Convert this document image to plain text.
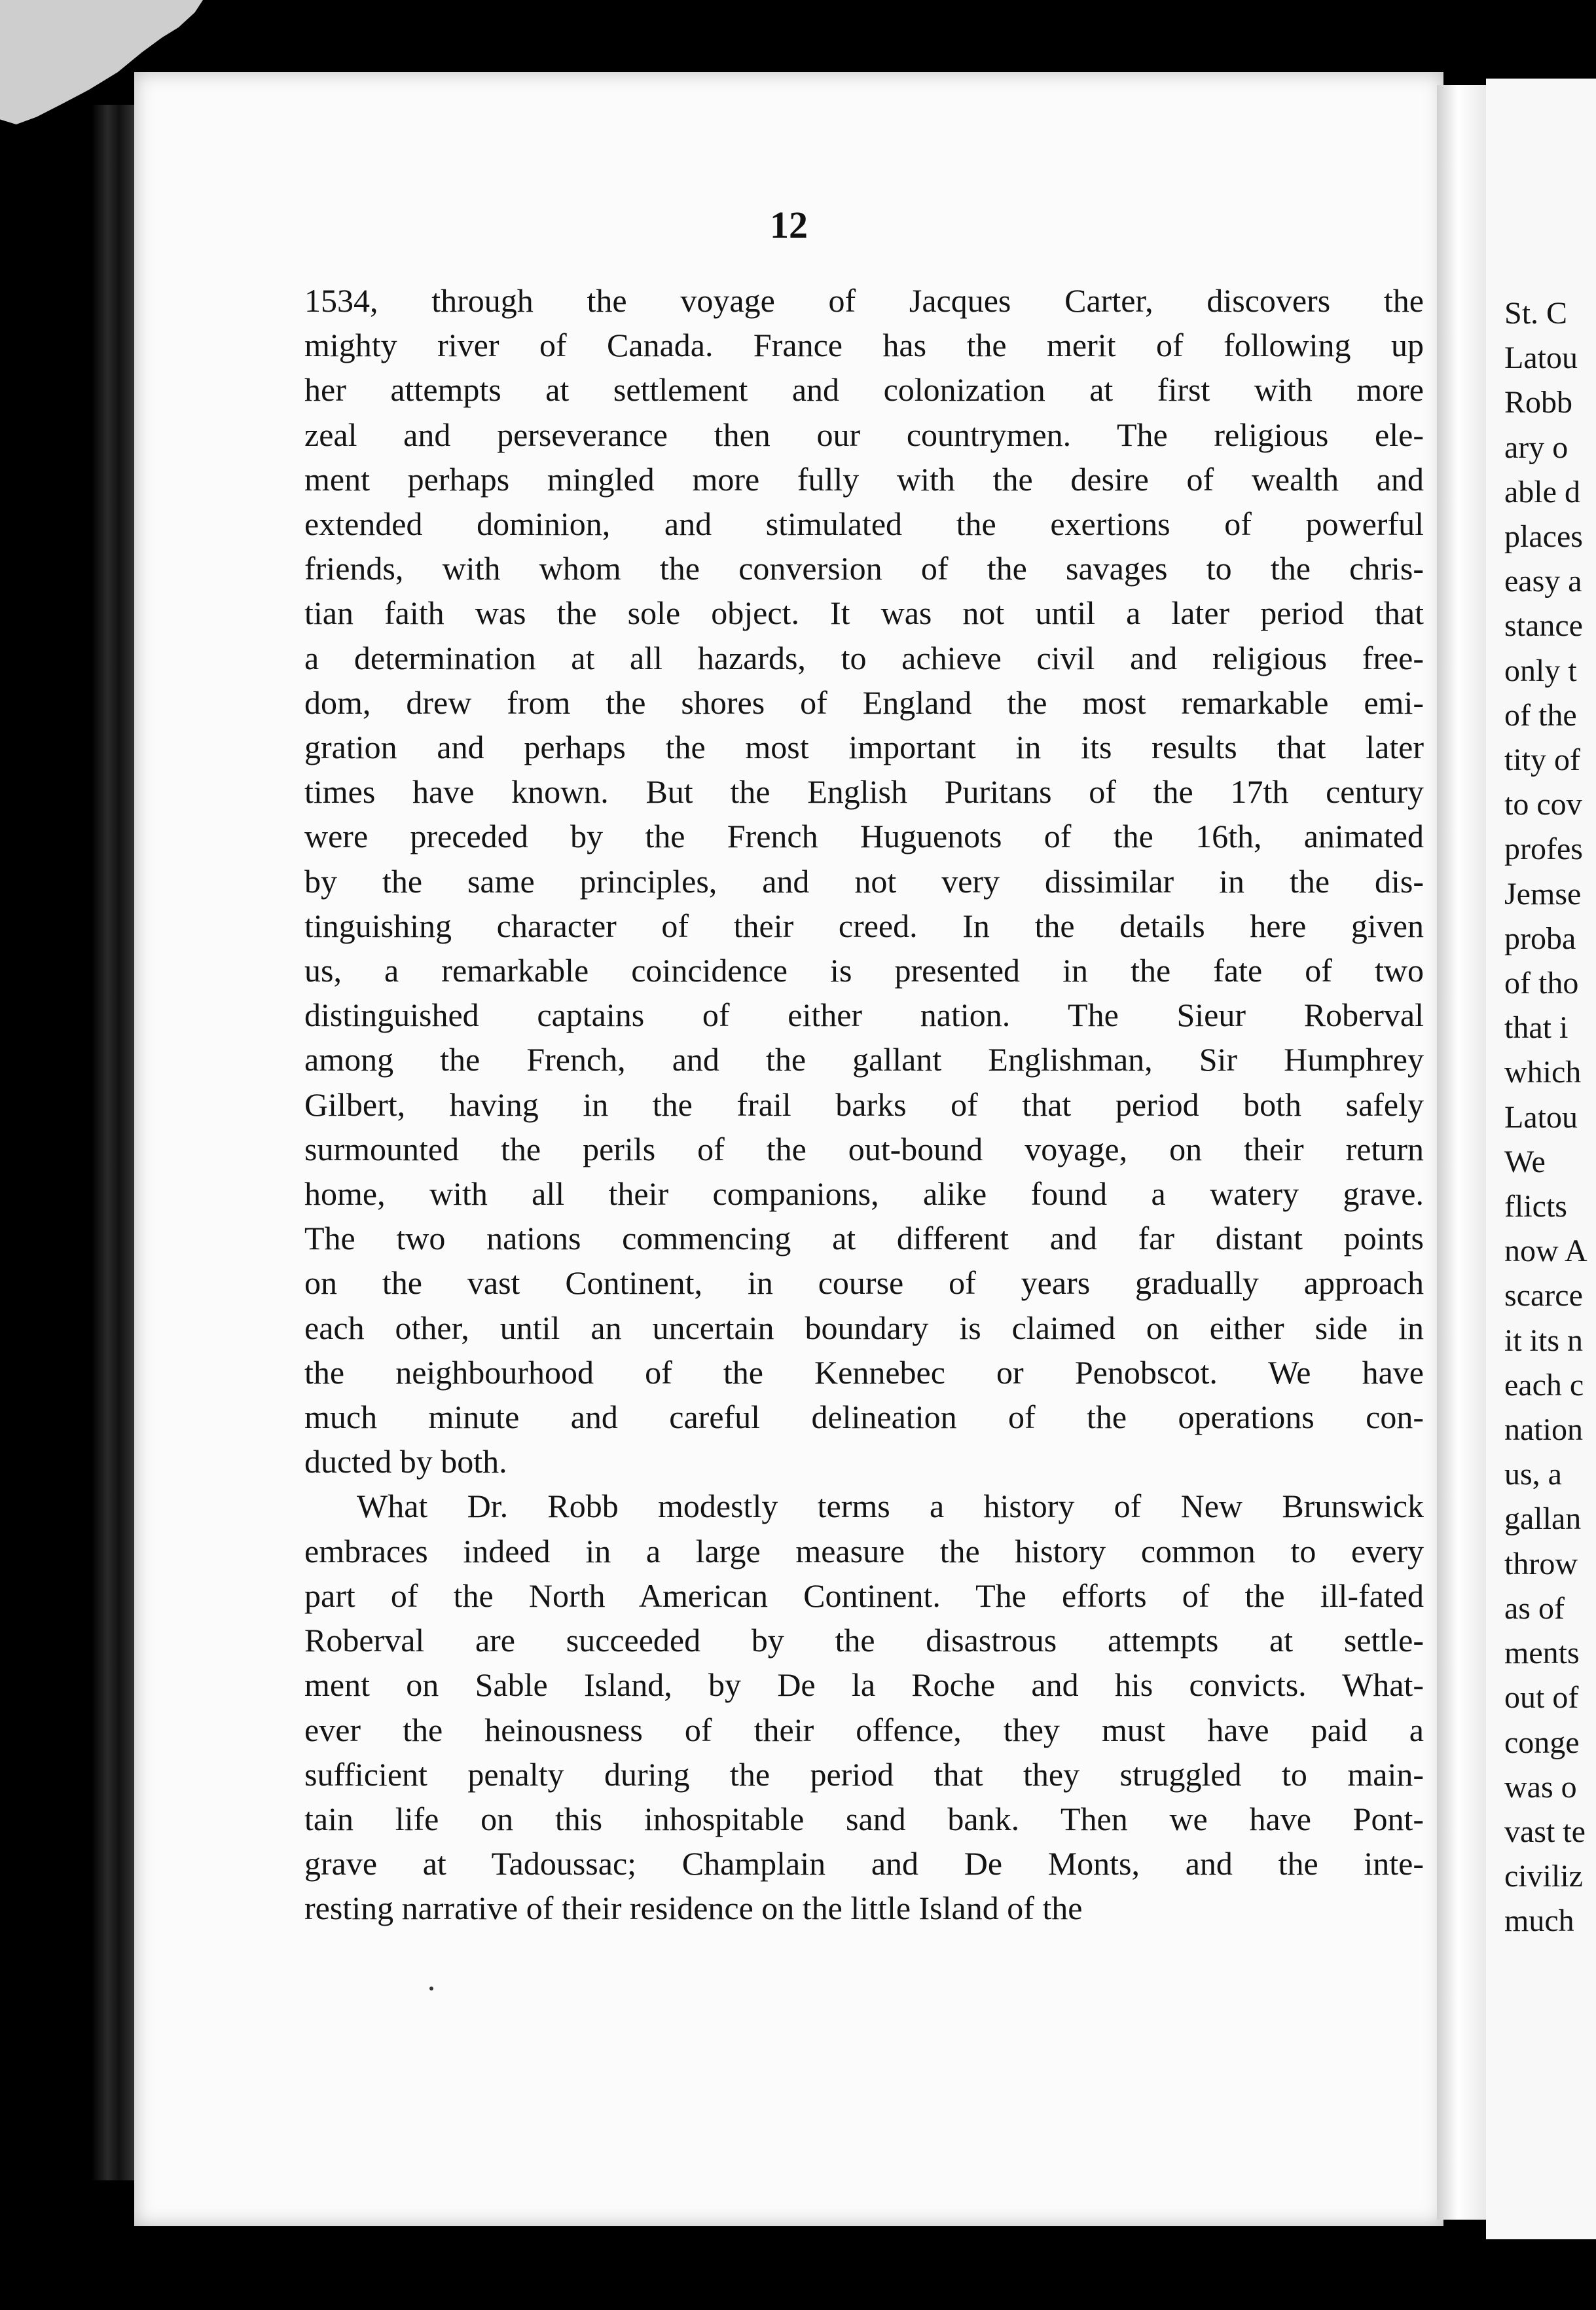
12
1534, through the voyage of Jacques Carter, discovers the
mighty river of Canada. France has the merit of following up
her attempts at settlement and colonization at first with more
zeal and perseverance then our countrymen. The religious ele-
ment perhaps mingled more fully with the desire of wealth and
extended dominion, and stimulated the exertions of powerful
friends, with whom the conversion of the savages to the chris-
tian faith was the sole object. It was not until a later period that
a determination at all hazards, to achieve civil and religious free-
dom, drew from the shores of England the most remarkable emi-
gration and perhaps the most important in its results that later
times have known. But the English Puritans of the 17th century
were preceded by the French Huguenots of the 16th, animated
by the same principles, and not very dissimilar in the dis-
tinguishing character of their creed. In the details here given
us, a remarkable coincidence is presented in the fate of two
distinguished captains of either nation. The Sieur Roberval
among the French, and the gallant Englishman, Sir Humphrey
Gilbert, having in the frail barks of that period both safely
surmounted the perils of the out-bound voyage, on their return
home, with all their companions, alike found a watery grave.
The two nations commencing at different and far distant points
on the vast Continent, in course of years gradually approach
each other, until an uncertain boundary is claimed on either side in
the neighbourhood of the Kennebec or Penobscot. We have
much minute and careful delineation of the operations con-
ducted by both.
What Dr. Robb modestly terms a history of New Brunswick
embraces indeed in a large measure the history common to every
part of the North American Continent. The efforts of the ill-fated
Roberval are succeeded by the disastrous attempts at settle-
ment on Sable Island, by De la Roche and his convicts. What-
ever the heinousness of their offence, they must have paid a
sufficient penalty during the period that they struggled to main-
tain life on this inhospitable sand bank. Then we have Pont-
grave at Tadoussac; Champlain and De Monts, and the inte-
resting narrative of their residence on the little Island of the
St. C
Latou
Robb
ary o
able d
places
easy a
stance
only t
of the
tity of
to cov
profes
Jemse
proba
of tho
that i
which
Latou
We
flicts
now A
scarce
it its n
each c
nation
us, a
gallan
throw
as of
ments
out of
conge
was o
vast te
civiliz
much
